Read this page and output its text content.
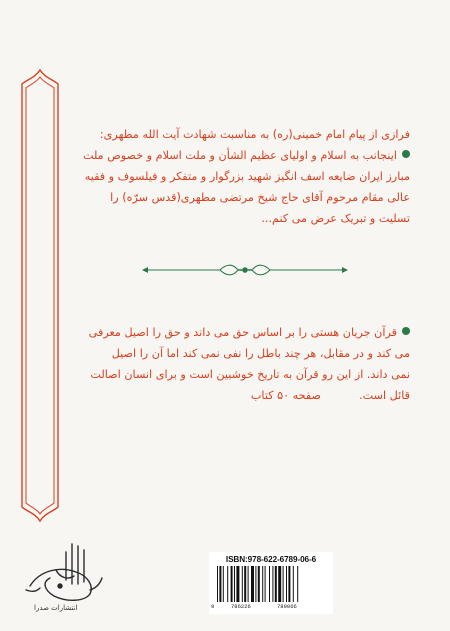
فرازی از پیام امام خمینی(ره) به مناسبت شهادت آیت الله مطهری:
اینجانب به اسلام و اولیای عظیم الشأن و ملت اسلام و خصوص ملت
مبارز ایران ضایعه اسف انگیز شهید بزرگوار و متفکر و فیلسوف و فقیه
عالی مقام مرحوم آقای حاج شیخ مرتضی مطهری(قدس سرّه) را
تسلیت و تبریک عرض می کنم...
قرآن جریان هستی را بر اساس حق می داند و حق را اصیل معرفی
می کند و در مقابل، هر چند باطل را نفی نمی کند اما آن را اصیل
نمی داند. از این رو قرآن به تاریخ خوشبین است و برای انسان اصالت
قائل است.صفحه ۵۰ کتاب
ISBN:978-622-6789-06-6
9	786226	789066
انتشارات صدرا
